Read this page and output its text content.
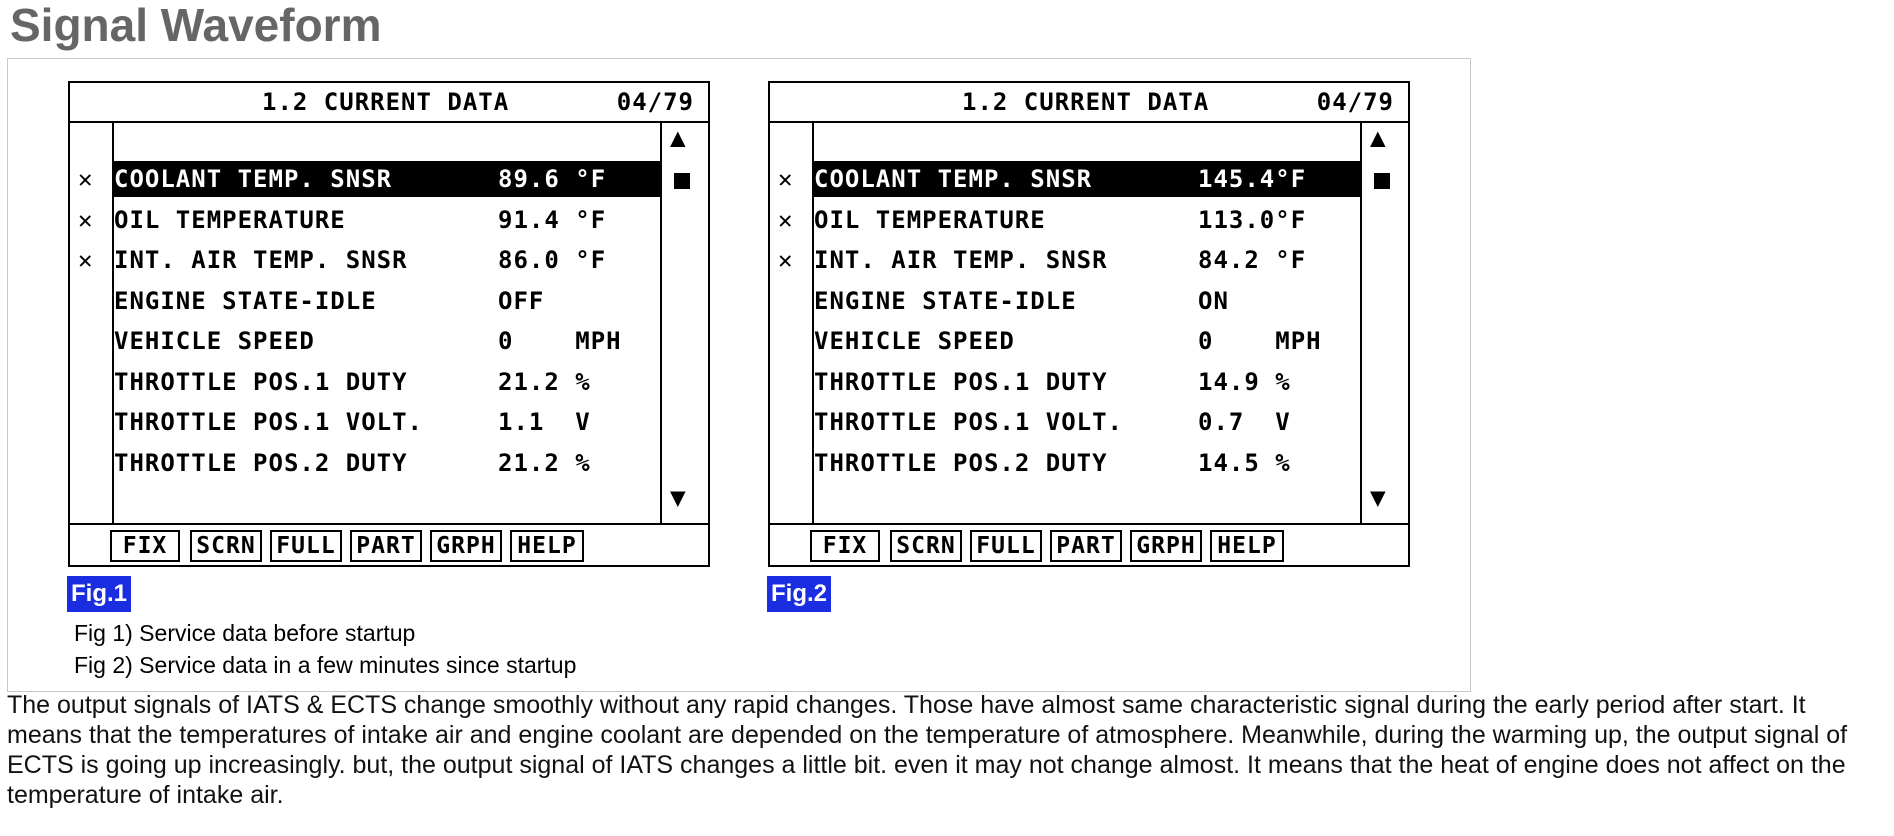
Signal Waveform
1.2 CURRENT DATA	04/79
▲
▼
✕ COOLANT TEMP. SNSR	89.6 °F
✕ OIL TEMPERATURE	91.4 °F
✕ INT. AIR TEMP. SNSR	86.0 °F
ENGINE STATE-IDLE	OFF
VEHICLE SPEED	0    MPH
THROTTLE POS.1 DUTY	21.2 %
THROTTLE POS.1 VOLT.	1.1  V
THROTTLE POS.2 DUTY	21.2 %
FIX	SCRN FULL PART GRPH HELP
1.2 CURRENT DATA	04/79
▲
▼
✕ COOLANT TEMP. SNSR	145.4°F
✕ OIL TEMPERATURE	113.0°F
✕ INT. AIR TEMP. SNSR	84.2 °F
ENGINE STATE-IDLE	ON
VEHICLE SPEED	0    MPH
THROTTLE POS.1 DUTY	14.9 %
THROTTLE POS.1 VOLT.	0.7  V
THROTTLE POS.2 DUTY	14.5 %
FIX	SCRN FULL PART GRPH HELP
Fig.1	Fig.2
Fig 1) Service data before startup
Fig 2) Service data in a few minutes since startup

The output signals of IATS & ECTS change smoothly without any rapid changes. Those have almost same characteristic signal during the early period after start. It means that the temperatures of intake air and engine coolant are depended on the temperature of atmosphere. Meanwhile, during the warming up, the output signal of ECTS is going up increasingly. but, the output signal of IATS changes a little bit. even it may not change almost. It means that the heat of engine does not affect on the temperature of intake air.
